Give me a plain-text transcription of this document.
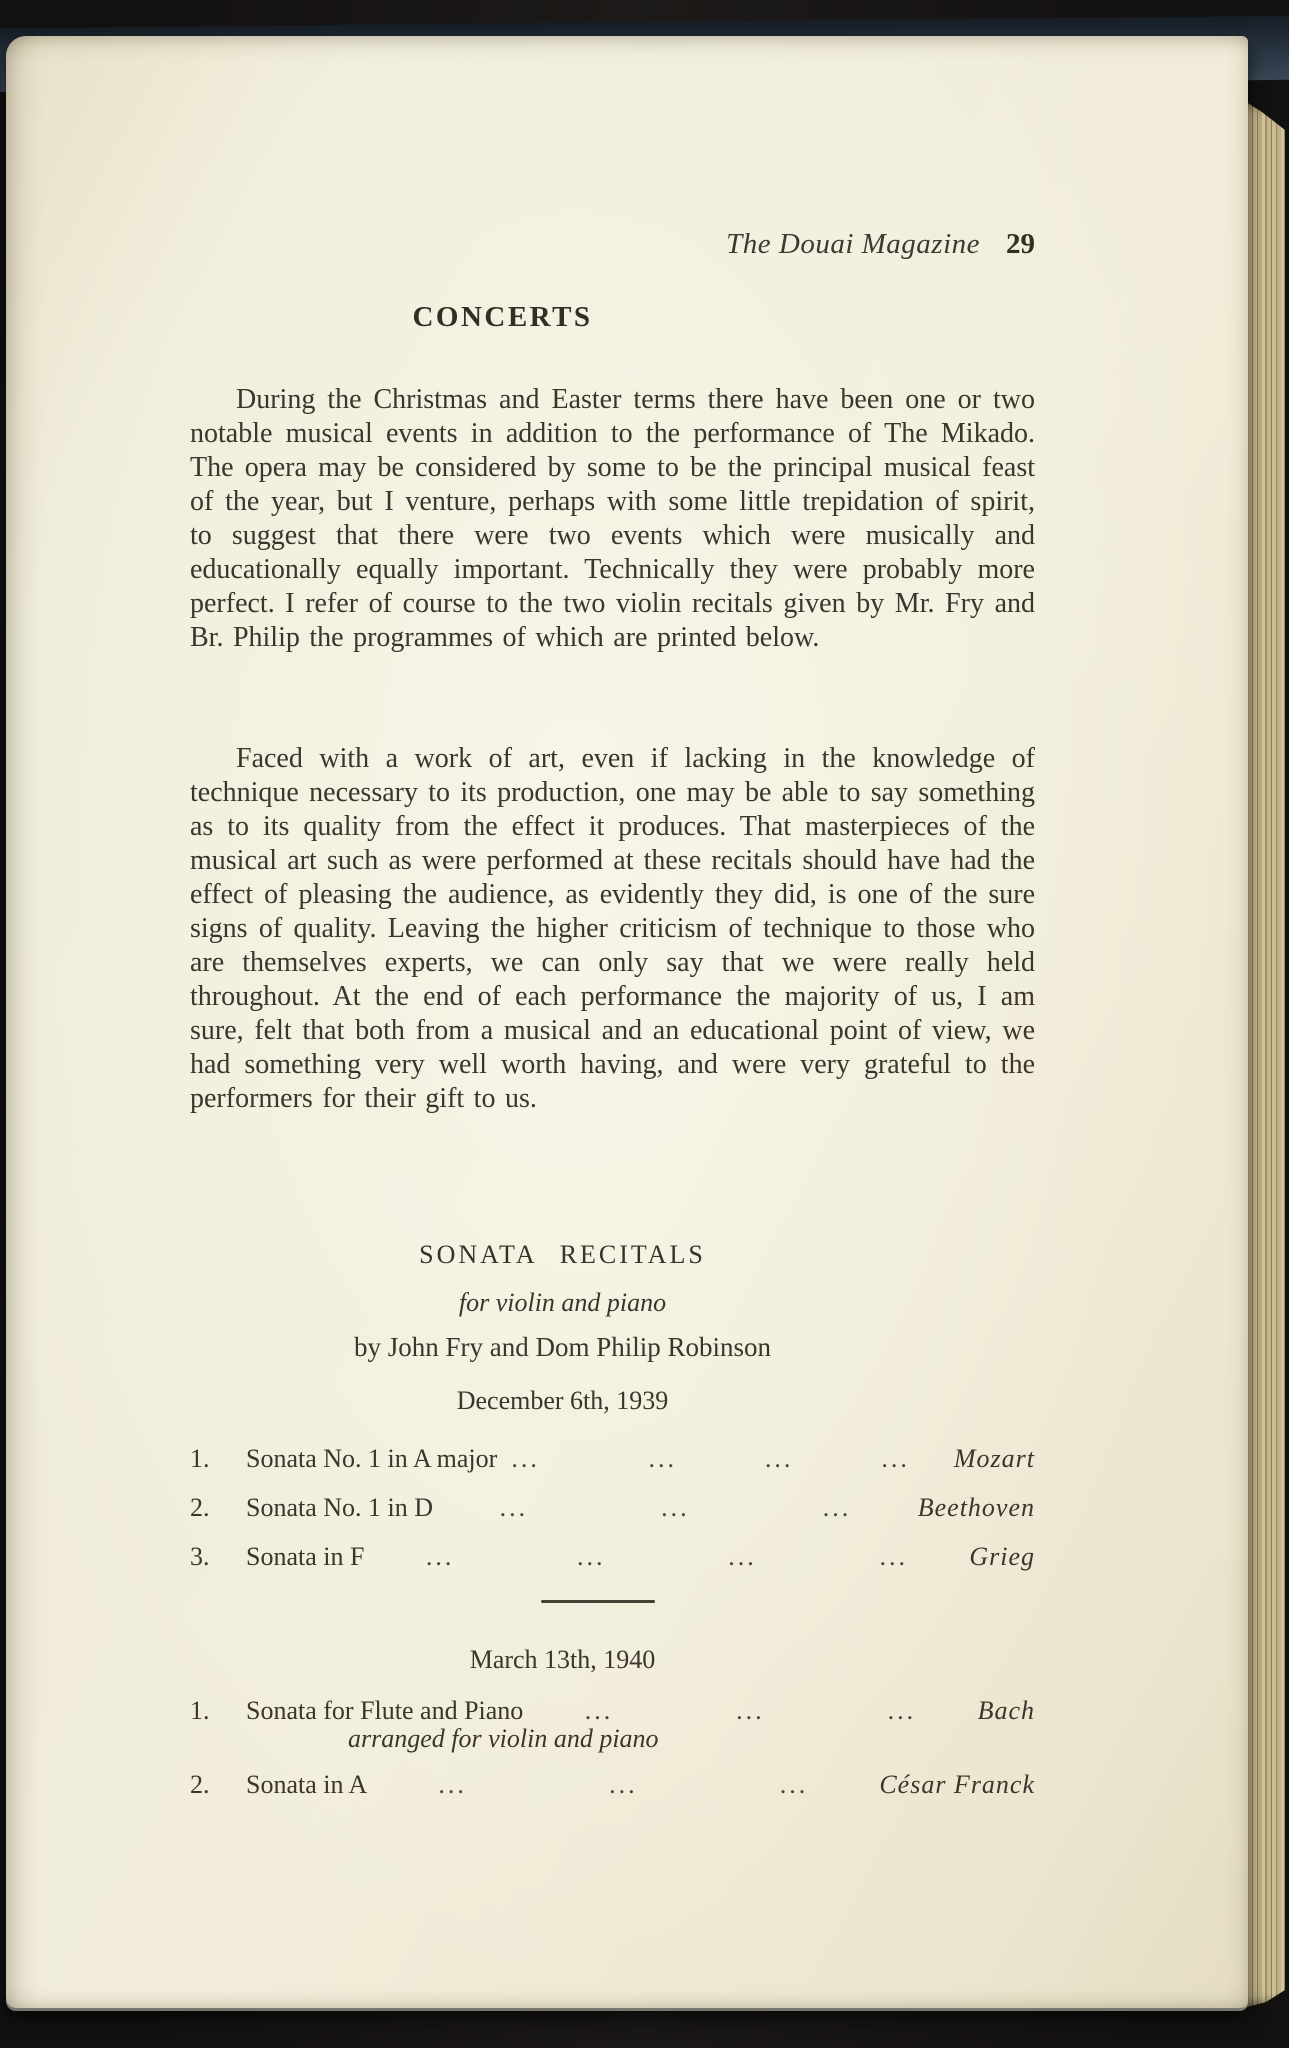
The Douai Magazine 29
CONCERTS

During the Christmas and Easter terms there have been one or two notable musical events in addition to the performance of The Mikado. The opera may be considered by some to be the principal musical feast of the year, but I venture, perhaps with some little trepidation of spirit, to suggest that there were two events which were musically and educationally equally important. Technically they were probably more perfect. I refer of course to the two violin recitals given by Mr. Fry and Br. Philip the programmes of which are printed below.

Faced with a work of art, even if lacking in the knowledge of technique necessary to its production, one may be able to say something as to its quality from the effect it produces. That masterpieces of the musical art such as were performed at these recitals should have had the effect of pleasing the audience, as evidently they did, is one of the sure signs of quality. Leaving the higher criticism of technique to those who are themselves experts, we can only say that we were really held throughout. At the end of each performance the majority of us, I am sure, felt that both from a musical and an educational point of view, we had something very well worth having, and were very grateful to the performers for their gift to us.

SONATA RECITALS
for violin and piano
by John Fry and Dom Philip Robinson
December 6th, 1939
1.	Sonata No. 1 in A major ...	...	...	...	Mozart
2.	Sonata No. 1 in D	...	...	...	Beethoven
3.	Sonata in F	...	...	...	...	Grieg
March 13th, 1940
1.	Sonata for Flute and Piano	...	...	...	Bach
arranged for violin and piano
2.	Sonata in A	...	...	...	César Franck
